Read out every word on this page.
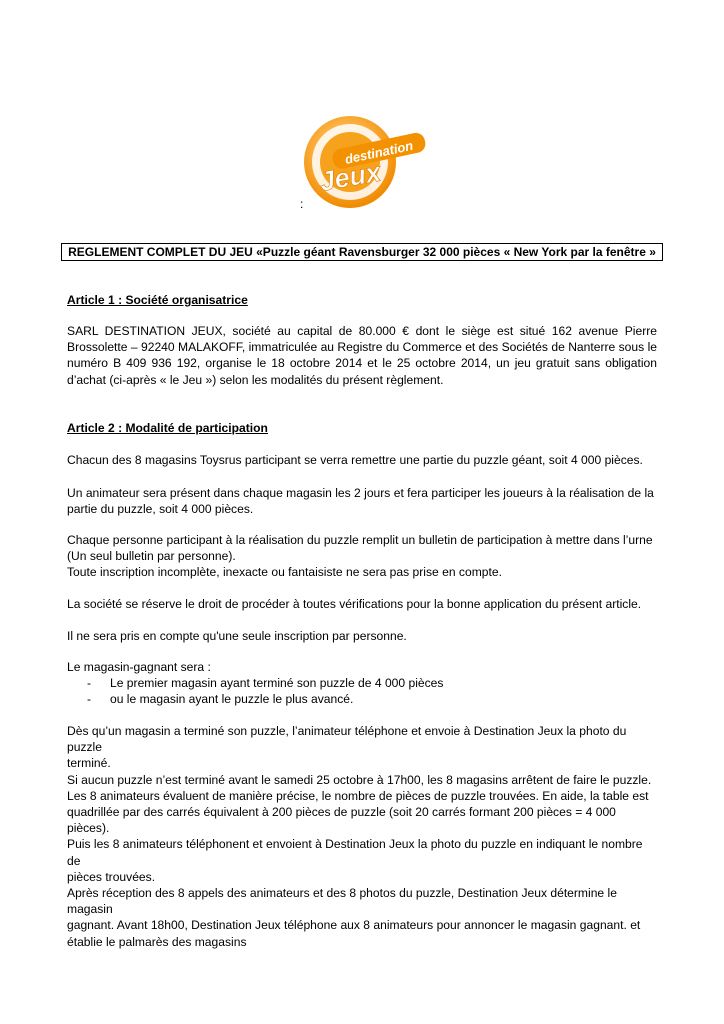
destination
Jeux
:
REGLEMENT COMPLET DU JEU «Puzzle géant Ravensburger 32 000 pièces « New York par la fenêtre »
Article 1 : Société organisatrice

SARL DESTINATION JEUX, société au capital de 80.000 € dont le siège est situé 162 avenue Pierre Brossolette – 92240 MALAKOFF, immatriculée au Registre du Commerce et des Sociétés de Nanterre sous le numéro B 409 936 192, organise le 18 octobre 2014 et le 25 octobre 2014, un jeu gratuit sans obligation d’achat (ci-après « le Jeu ») selon les modalités du présent règlement.

Article 2 : Modalité de participation
Chacun des 8 magasins Toysrus participant se verra remettre une partie du puzzle géant, soit 4 000 pièces.
Un animateur sera présent dans chaque magasin les 2 jours et fera participer les joueurs à la réalisation de la
partie du puzzle, soit 4 000 pièces.
Chaque personne participant à la réalisation du puzzle remplit un bulletin de participation à mettre dans l’urne
(Un seul bulletin par personne).
Toute inscription incomplète, inexacte ou fantaisiste ne sera pas prise en compte.
La société se réserve le droit de procéder à toutes vérifications pour la bonne application du présent article.
Il ne sera pris en compte qu'une seule inscription par personne.
Le magasin-gagnant sera :
-	Le premier magasin ayant terminé son puzzle de 4 000 pièces
-	ou le magasin ayant le puzzle le plus avancé.
Dès qu’un magasin a terminé son puzzle, l’animateur téléphone et envoie à Destination Jeux la photo du puzzle
terminé.
Si aucun puzzle n’est terminé avant le samedi 25 octobre à 17h00, les 8 magasins arrêtent de faire le puzzle.
Les 8 animateurs évaluent de manière précise, le nombre de pièces de puzzle trouvées. En aide, la table est
quadrillée par des carrés équivalent à 200 pièces de puzzle (soit 20 carrés formant 200 pièces = 4 000 pièces).
Puis les 8 animateurs téléphonent et envoient à Destination Jeux la photo du puzzle en indiquant le nombre de
pièces trouvées.
Après réception des 8 appels des animateurs et des 8 photos du puzzle, Destination Jeux détermine le magasin
gagnant. Avant 18h00, Destination Jeux téléphone aux 8 animateurs pour annoncer le magasin gagnant. et
établie le palmarès des magasins
